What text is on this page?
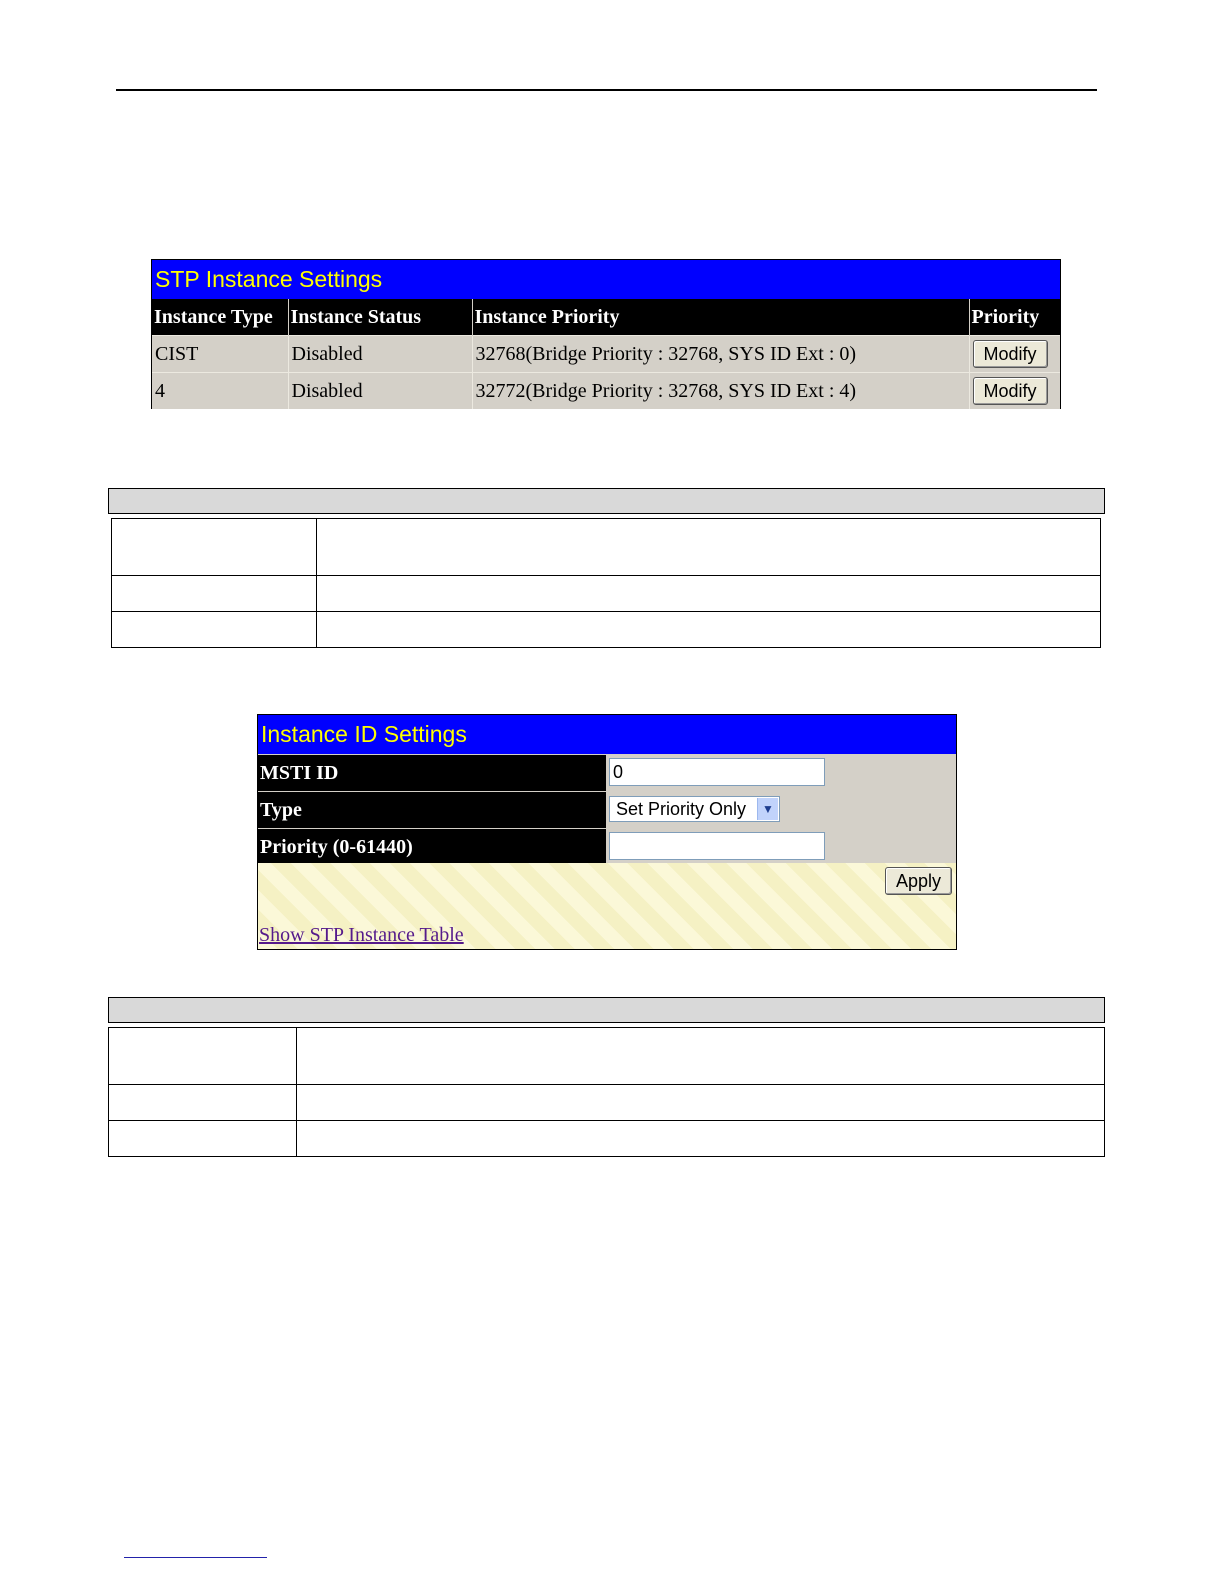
STP Instance Settings
Instance Type	Instance Status	Instance Priority	Priority
CIST	Disabled	32768(Bridge Priority : 32768, SYS ID Ext : 0)	Modify
4	Disabled	32772(Bridge Priority : 32768, SYS ID Ext : 4)	Modify

Instance ID Settings
MSTI ID	0
Type	Set Priority Only	▼
Priority (0-61440)
Apply
Show STP Instance Table
